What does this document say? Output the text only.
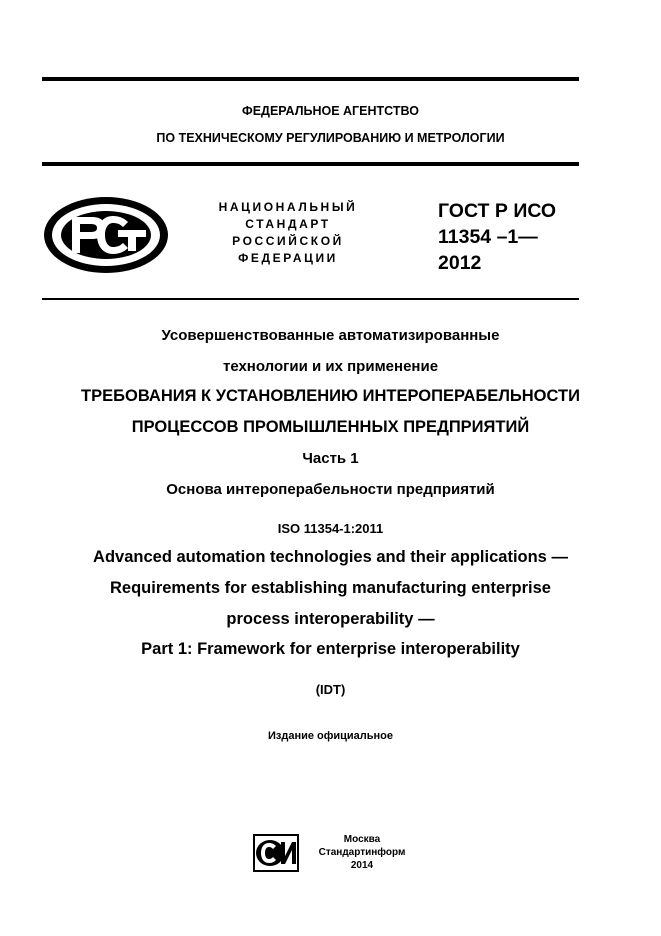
ФЕДЕРАЛЬНОЕ АГЕНТСТВО
ПО ТЕХНИЧЕСКОМУ РЕГУЛИРОВАНИЮ И МЕТРОЛОГИИ
НАЦИОНАЛЬНЫЙ
СТАНДАРТ
РОССИЙСКОЙ
ФЕДЕРАЦИИ
ГОСТ Р ИСО
11354 –1—
2012
Усовершенствованные автоматизированные
технологии и их применение
ТРЕБОВАНИЯ К УСТАНОВЛЕНИЮ ИНТЕРОПЕРАБЕЛЬНОСТИ
ПРОЦЕССОВ ПРОМЫШЛЕННЫХ ПРЕДПРИЯТИЙ
Часть 1
Основа интероперабельности предприятий
ISO 11354-1:2011
Advanced automation technologies and their applications —
Requirements for establishing manufacturing enterprise
process interoperability —
Part 1: Framework for enterprise interoperability
(IDT)
Издание официальное
Москва
Стандартинформ
2014
